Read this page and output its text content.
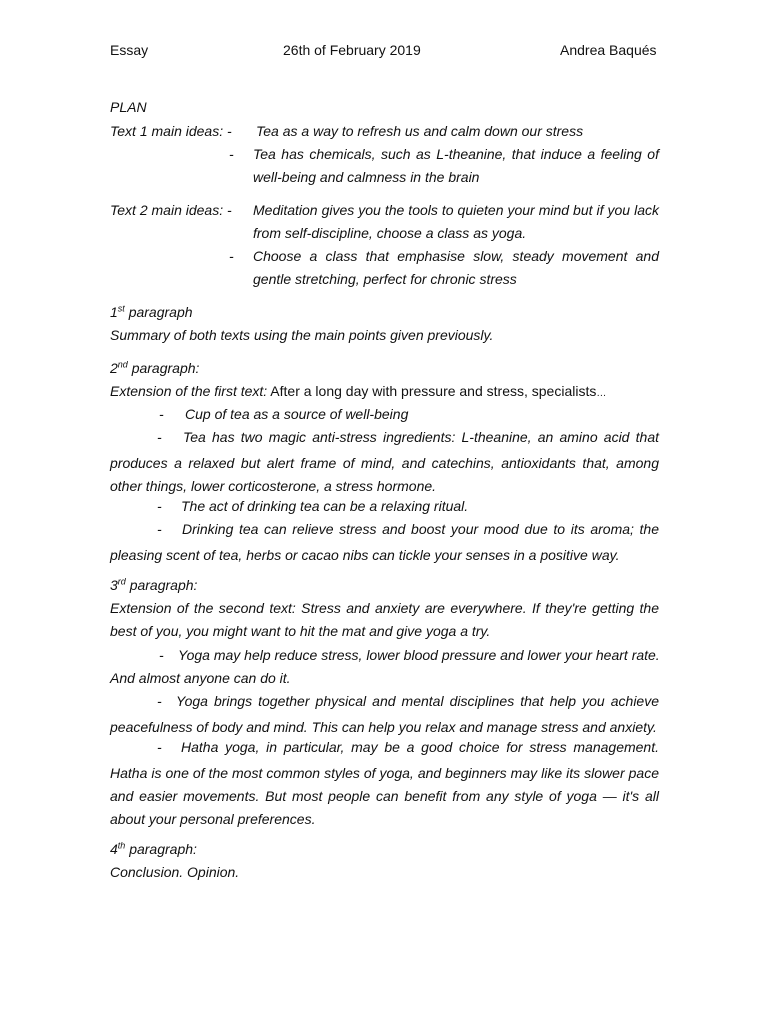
Essay	26th of February 2019	Andrea Baqués
PLAN
Text 1 main ideas: - Tea as a way to refresh us and calm down our stress
- Tea has chemicals, such as L-theanine, that induce a feeling of
well-being and calmness in the brain
Text 2 main ideas: - Meditation gives you the tools to quieten your mind but if you lack
from self-discipline, choose a class as yoga.
- Choose a class that emphasise slow, steady movement and
gentle stretching, perfect for chronic stress
1st paragraph
Summary of both texts using the main points given previously.
2nd paragraph:
Extension of the first text: After a long day with pressure and stress, specialists…
- Cup of tea as a source of well-being
- Tea has two magic anti-stress ingredients: L-theanine, an amino acid that
produces a relaxed but alert frame of mind, and catechins, antioxidants that, among other things, lower corticosterone, a stress hormone.
- The act of drinking tea can be a relaxing ritual.
- Drinking tea can relieve stress and boost your mood due to its aroma; the
pleasing scent of tea, herbs or cacao nibs can tickle your senses in a positive way.
3rd paragraph:
Extension of the second text: Stress and anxiety are everywhere. If they're getting the
best of you, you might want to hit the mat and give yoga a try.
- Yoga may help reduce stress, lower blood pressure and lower your heart rate.
And almost anyone can do it.
- Yoga brings together physical and mental disciplines that help you achieve
peacefulness of body and mind. This can help you relax and manage stress and anxiety.
- Hatha yoga, in particular, may be a good choice for stress management.
Hatha is one of the most common styles of yoga, and beginners may like its slower pace and easier movements. But most people can benefit from any style of yoga — it's all about your personal preferences.
4th paragraph:
Conclusion. Opinion.
